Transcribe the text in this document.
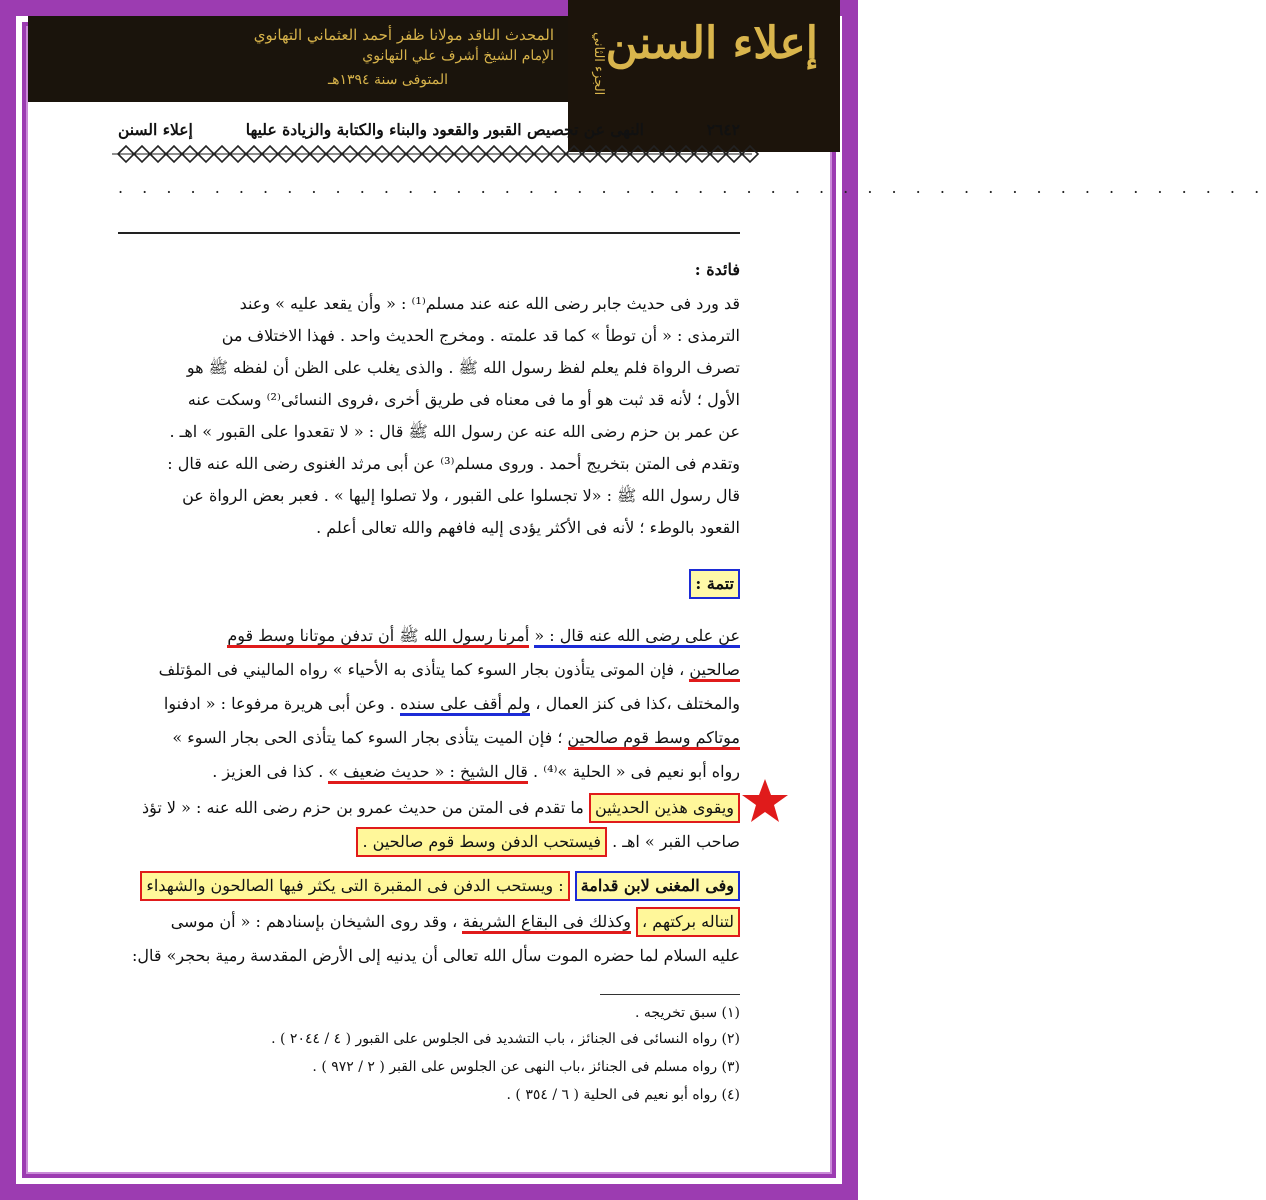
المحدث الناقد مولانا ظفر أحمد العثماني التهانوي
الإمام الشيخ أشرف علي التهانوي
المتوفى سنة ١٣٩٤هـ
إعلاء السنن
الجزء الثاني
٢٦٤٢
النهى عن تجصيص القبور والقعود والبناء والكتابة والزيادة عليها
إعلاء السنن
. . . . . . . . . . . . . . . . . . . . . . . . . . . . . . . . . . . . . . . . . . . . . . . .
فائدة :
قد ورد فى حديث جابر رضى الله عنه عند مسلم⁽¹⁾ : « وأن يقعد عليه » وعند
الترمذى : « أن توطأ » كما قد علمته . ومخرج الحديث واحد . فهذا الاختلاف من
تصرف الرواة فلم يعلم لفظ رسول الله ﷺ . والذى يغلب على الظن أن لفظه ﷺ هو
الأول ؛ لأنه قد ثبت هو أو ما فى معناه فى طريق أخرى ،فروى النسائى⁽²⁾ وسكت عنه
عن عمر بن حزم رضى الله عنه عن رسول الله ﷺ قال : « لا تقعدوا على القبور » اهـ .
وتقدم فى المتن بتخريج أحمد . وروى مسلم⁽³⁾ عن أبى مرثد الغنوى رضى الله عنه قال :
قال رسول الله ﷺ : «لا تجسلوا على القبور ، ولا تصلوا إليها » . فعبر بعض الرواة عن
القعود بالوطء ؛ لأنه فى الأكثر يؤدى إليه فافهم والله تعالى أعلم .
تتمة :
عن على رضى الله عنه قال : « أمرنا رسول الله ﷺ أن تدفن موتانا وسط قوم
صالحين ، فإن الموتى يتأذون بجار السوء كما يتأذى به الأحياء » رواه الماليني فى المؤتلف
والمختلف ،كذا فى كنز العمال ، ولم أقف على سنده . وعن أبى هريرة مرفوعا : « ادفنوا
موتاكم وسط قوم صالحين ؛ فإن الميت يتأذى بجار السوء كما يتأذى الحى بجار السوء »
رواه أبو نعيم فى « الحلية »⁽⁴⁾ . قال الشيخ : « حديث ضعيف » . كذا فى العزيز .
ويقوى هذين الحديثين ما تقدم فى المتن من حديث عمرو بن حزم رضى الله عنه : « لا تؤذ
صاحب القبر » اهـ . فيستحب الدفن وسط قوم صالحين .
وفى المغنى لابن قدامة : ويستحب الدفن فى المقبرة التى يكثر فيها الصالحون والشهداء
لتناله بركتهم ، وكذلك فى البقاع الشريفة ، وقد روى الشيخان بإسنادهم : « أن موسى
عليه السلام لما حضره الموت سأل الله تعالى أن يدنيه إلى الأرض المقدسة رمية بحجر» قال:
(١) سبق تخريجه .
(٢) رواه النسائى فى الجنائز ، باب التشديد فى الجلوس على القبور ( ٤ / ٢٠٤٤ ) .
(٣) رواه مسلم فى الجنائز ،باب النهى عن الجلوس على القبر ( ٢ / ٩٧٢ ) .
(٤) رواه أبو نعيم فى الحلية ( ٦ / ٣٥٤ ) .
